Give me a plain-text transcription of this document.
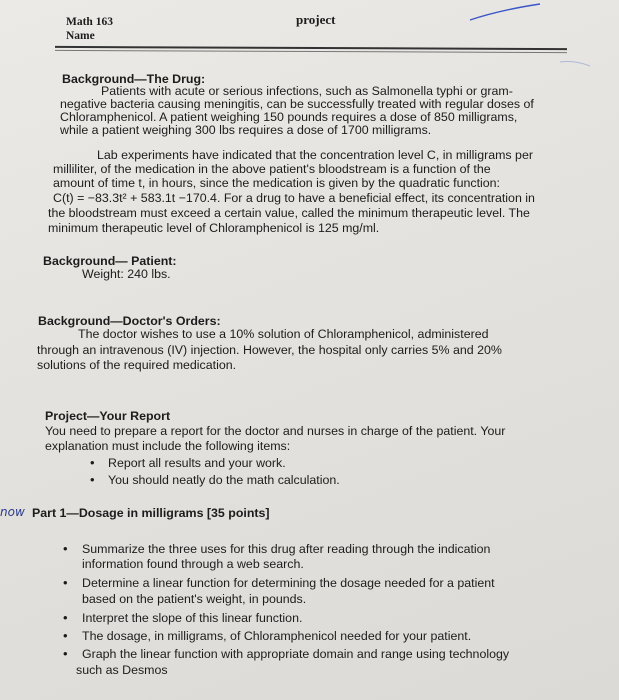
Math 163
Name
project
Background—The Drug:
Patients with acute or serious infections, such as Salmonella typhi or gram-
negative bacteria causing meningitis, can be successfully treated with regular doses of
Chloramphenicol. A patient weighing 150 pounds requires a dose of 850 milligrams,
while a patient weighing 300 lbs requires a dose of 1700 milligrams.
Lab experiments have indicated that the concentration level C, in milligrams per
milliliter, of the medication in the above patient's bloodstream is a function of the
amount of time t, in hours, since the medication is given by the quadratic function:
C(t) = −83.3t² + 583.1t −170.4. For a drug to have a beneficial effect, its concentration in
the bloodstream must exceed a certain value, called the minimum therapeutic level. The
minimum therapeutic level of Chloramphenicol is 125 mg/ml.
Background— Patient:
Weight: 240 lbs.
Background—Doctor's Orders:
The doctor wishes to use a 10% solution of Chloramphenicol, administered
through an intravenous (IV) injection. However, the hospital only carries 5% and 20%
solutions of the required medication.
Project—Your Report
You need to prepare a report for the doctor and nurses in charge of the patient. Your
explanation must include the following items:
• Report all results and your work.
• You should neatly do the math calculation.
now Part 1—Dosage in milligrams [35 points]
• Summarize the three uses for this drug after reading through the indication
information found through a web search.
• Determine a linear function for determining the dosage needed for a patient
based on the patient's weight, in pounds.
• Interpret the slope of this linear function.
• The dosage, in milligrams, of Chloramphenicol needed for your patient.
• Graph the linear function with appropriate domain and range using technology
such as Desmos
